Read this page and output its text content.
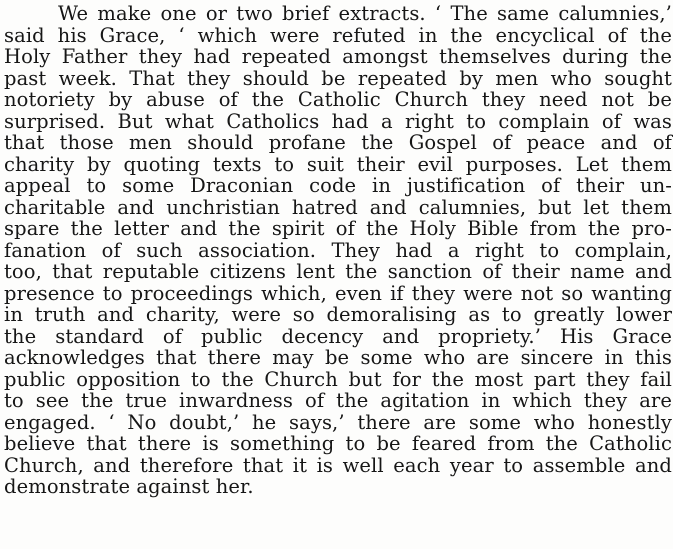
We make one or two brief extracts. ‘ The same calumnies,’
said his Grace, ‘ which were refuted in the encyclical of the
Holy Father they had repeated amongst themselves during the
past week. That they should be repeated by men who sought
notoriety by abuse of the Catholic Church they need not be
surprised. But what Catholics had a right to complain of was
that those men should profane the Gospel of peace and of
charity by quoting texts to suit their evil purposes. Let them
appeal to some Draconian code in justification of their un-
charitable and unchristian hatred and calumnies, but let them
spare the letter and the spirit of the Holy Bible from the pro-
fanation of such association. They had a right to complain,
too, that reputable citizens lent the sanction of their name and
presence to proceedings which, even if they were not so wanting
in truth and charity, were so demoralising as to greatly lower
the standard of public decency and propriety.’ His Grace
acknowledges that there may be some who are sincere in this
public opposition to the Church but for the most part they fail
to see the true inwardness of the agitation in which they are
engaged. ‘ No doubt,’ he says,’ there are some who honestly
believe that there is something to be feared from the Catholic
Church, and therefore that it is well each year to assemble and
demonstrate against her.
